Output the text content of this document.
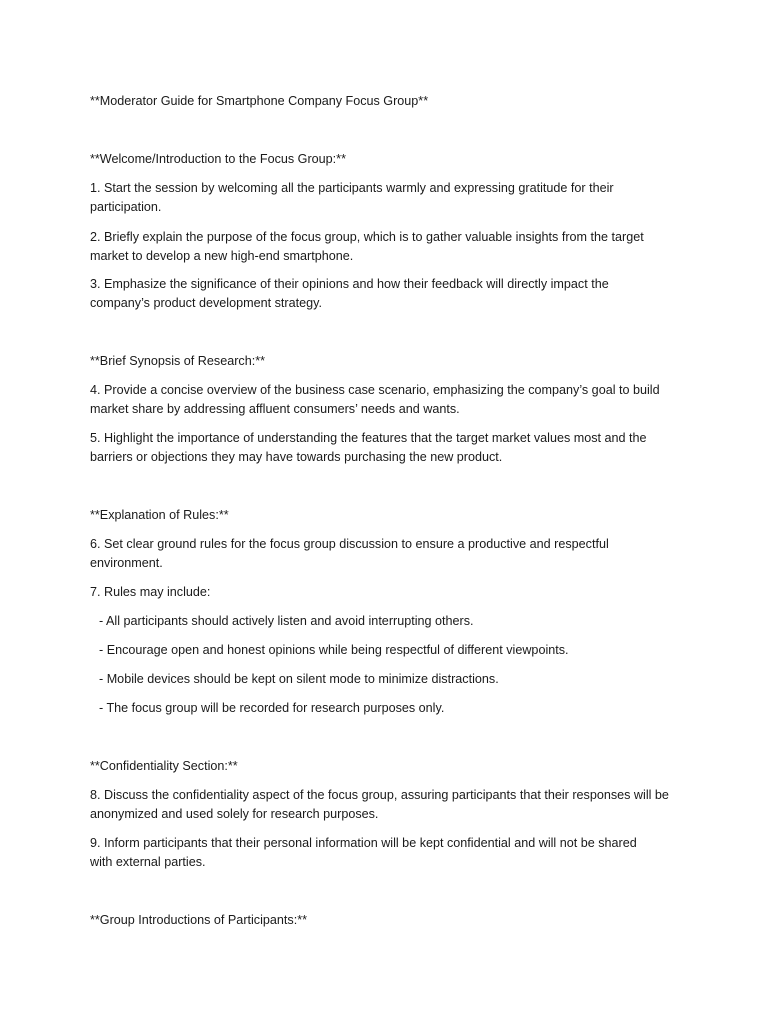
**Moderator Guide for Smartphone Company Focus Group**
**Welcome/Introduction to the Focus Group:**
1. Start the session by welcoming all the participants warmly and expressing gratitude for their
participation.
2. Briefly explain the purpose of the focus group, which is to gather valuable insights from the target
market to develop a new high-end smartphone.
3. Emphasize the significance of their opinions and how their feedback will directly impact the
company’s product development strategy.
**Brief Synopsis of Research:**
4. Provide a concise overview of the business case scenario, emphasizing the company’s goal to build
market share by addressing affluent consumers’ needs and wants.
5. Highlight the importance of understanding the features that the target market values most and the
barriers or objections they may have towards purchasing the new product.
**Explanation of Rules:**
6. Set clear ground rules for the focus group discussion to ensure a productive and respectful
environment.
7. Rules may include:
- All participants should actively listen and avoid interrupting others.
- Encourage open and honest opinions while being respectful of different viewpoints.
- Mobile devices should be kept on silent mode to minimize distractions.
- The focus group will be recorded for research purposes only.
**Confidentiality Section:**
8. Discuss the confidentiality aspect of the focus group, assuring participants that their responses will be
anonymized and used solely for research purposes.
9. Inform participants that their personal information will be kept confidential and will not be shared
with external parties.
**Group Introductions of Participants:**
